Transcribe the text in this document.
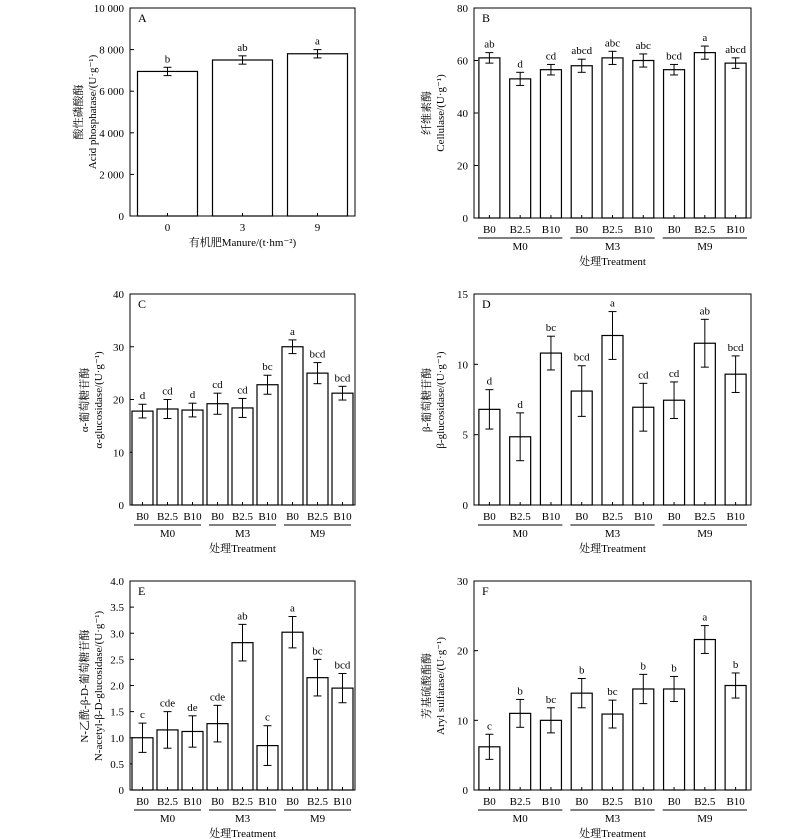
A
0
2 000
4 000
6 000
8 000
10 000
酸性磷酸酶 Acid phosphatase/(U·g⁻¹)	b
0
ab
3
a
9
有机肥Manure/(t·hm⁻²)
B
0
20
40
60
80
纤维素酶 Cellulase/(U·g⁻¹)
ab
B0
d
B2.5
cd
B10
abcd
B0
abc
B2.5
abc
B10
bcd
B0
a
B2.5
abcd
B10
M0	M3	M9
处理Treatment
C
0
10
20
30
40
α-葡萄糖苷酶 α-glucosidase/(U·g⁻¹)	d
B0
cd
B2.5
d
B10
cd
B0
cd
B2.5
bc
B10
a
B0
bcd
B2.5
bcd
B10
M0	M3	M9
处理Treatment
D
0
5
10
15
β-葡萄糖苷酶 β-glucosidase/(U·g⁻¹)	d
B0
d
B2.5
bc
B10
bcd
B0
a
B2.5
cd
B10
cd
B0
ab
B2.5
bcd
B10
M0	M3	M9
处理Treatment
E
0
0.5
1.0
1.5
2.0
2.5
3.0
3.5
4.0
N-乙酰-β-D-葡萄糖苷酶 N-acetyl-β-D-glucosidase/(U·g⁻¹)	c
B0
cde
B2.5
de
B10
cde
B0
ab
B2.5
c
B10
a
B0
bc
B2.5
bcd
B10
M0	M3	M9
处理Treatment
F
0
10
20
30
芳基硫酸酯酶 Aryl sulfatase/(U·g⁻¹)	c
B0
b
B2.5
bc
B10
b
B0
bc
B2.5
b
B10
b
B0
a
B2.5
b
B10
M0	M3	M9
处理Treatment
